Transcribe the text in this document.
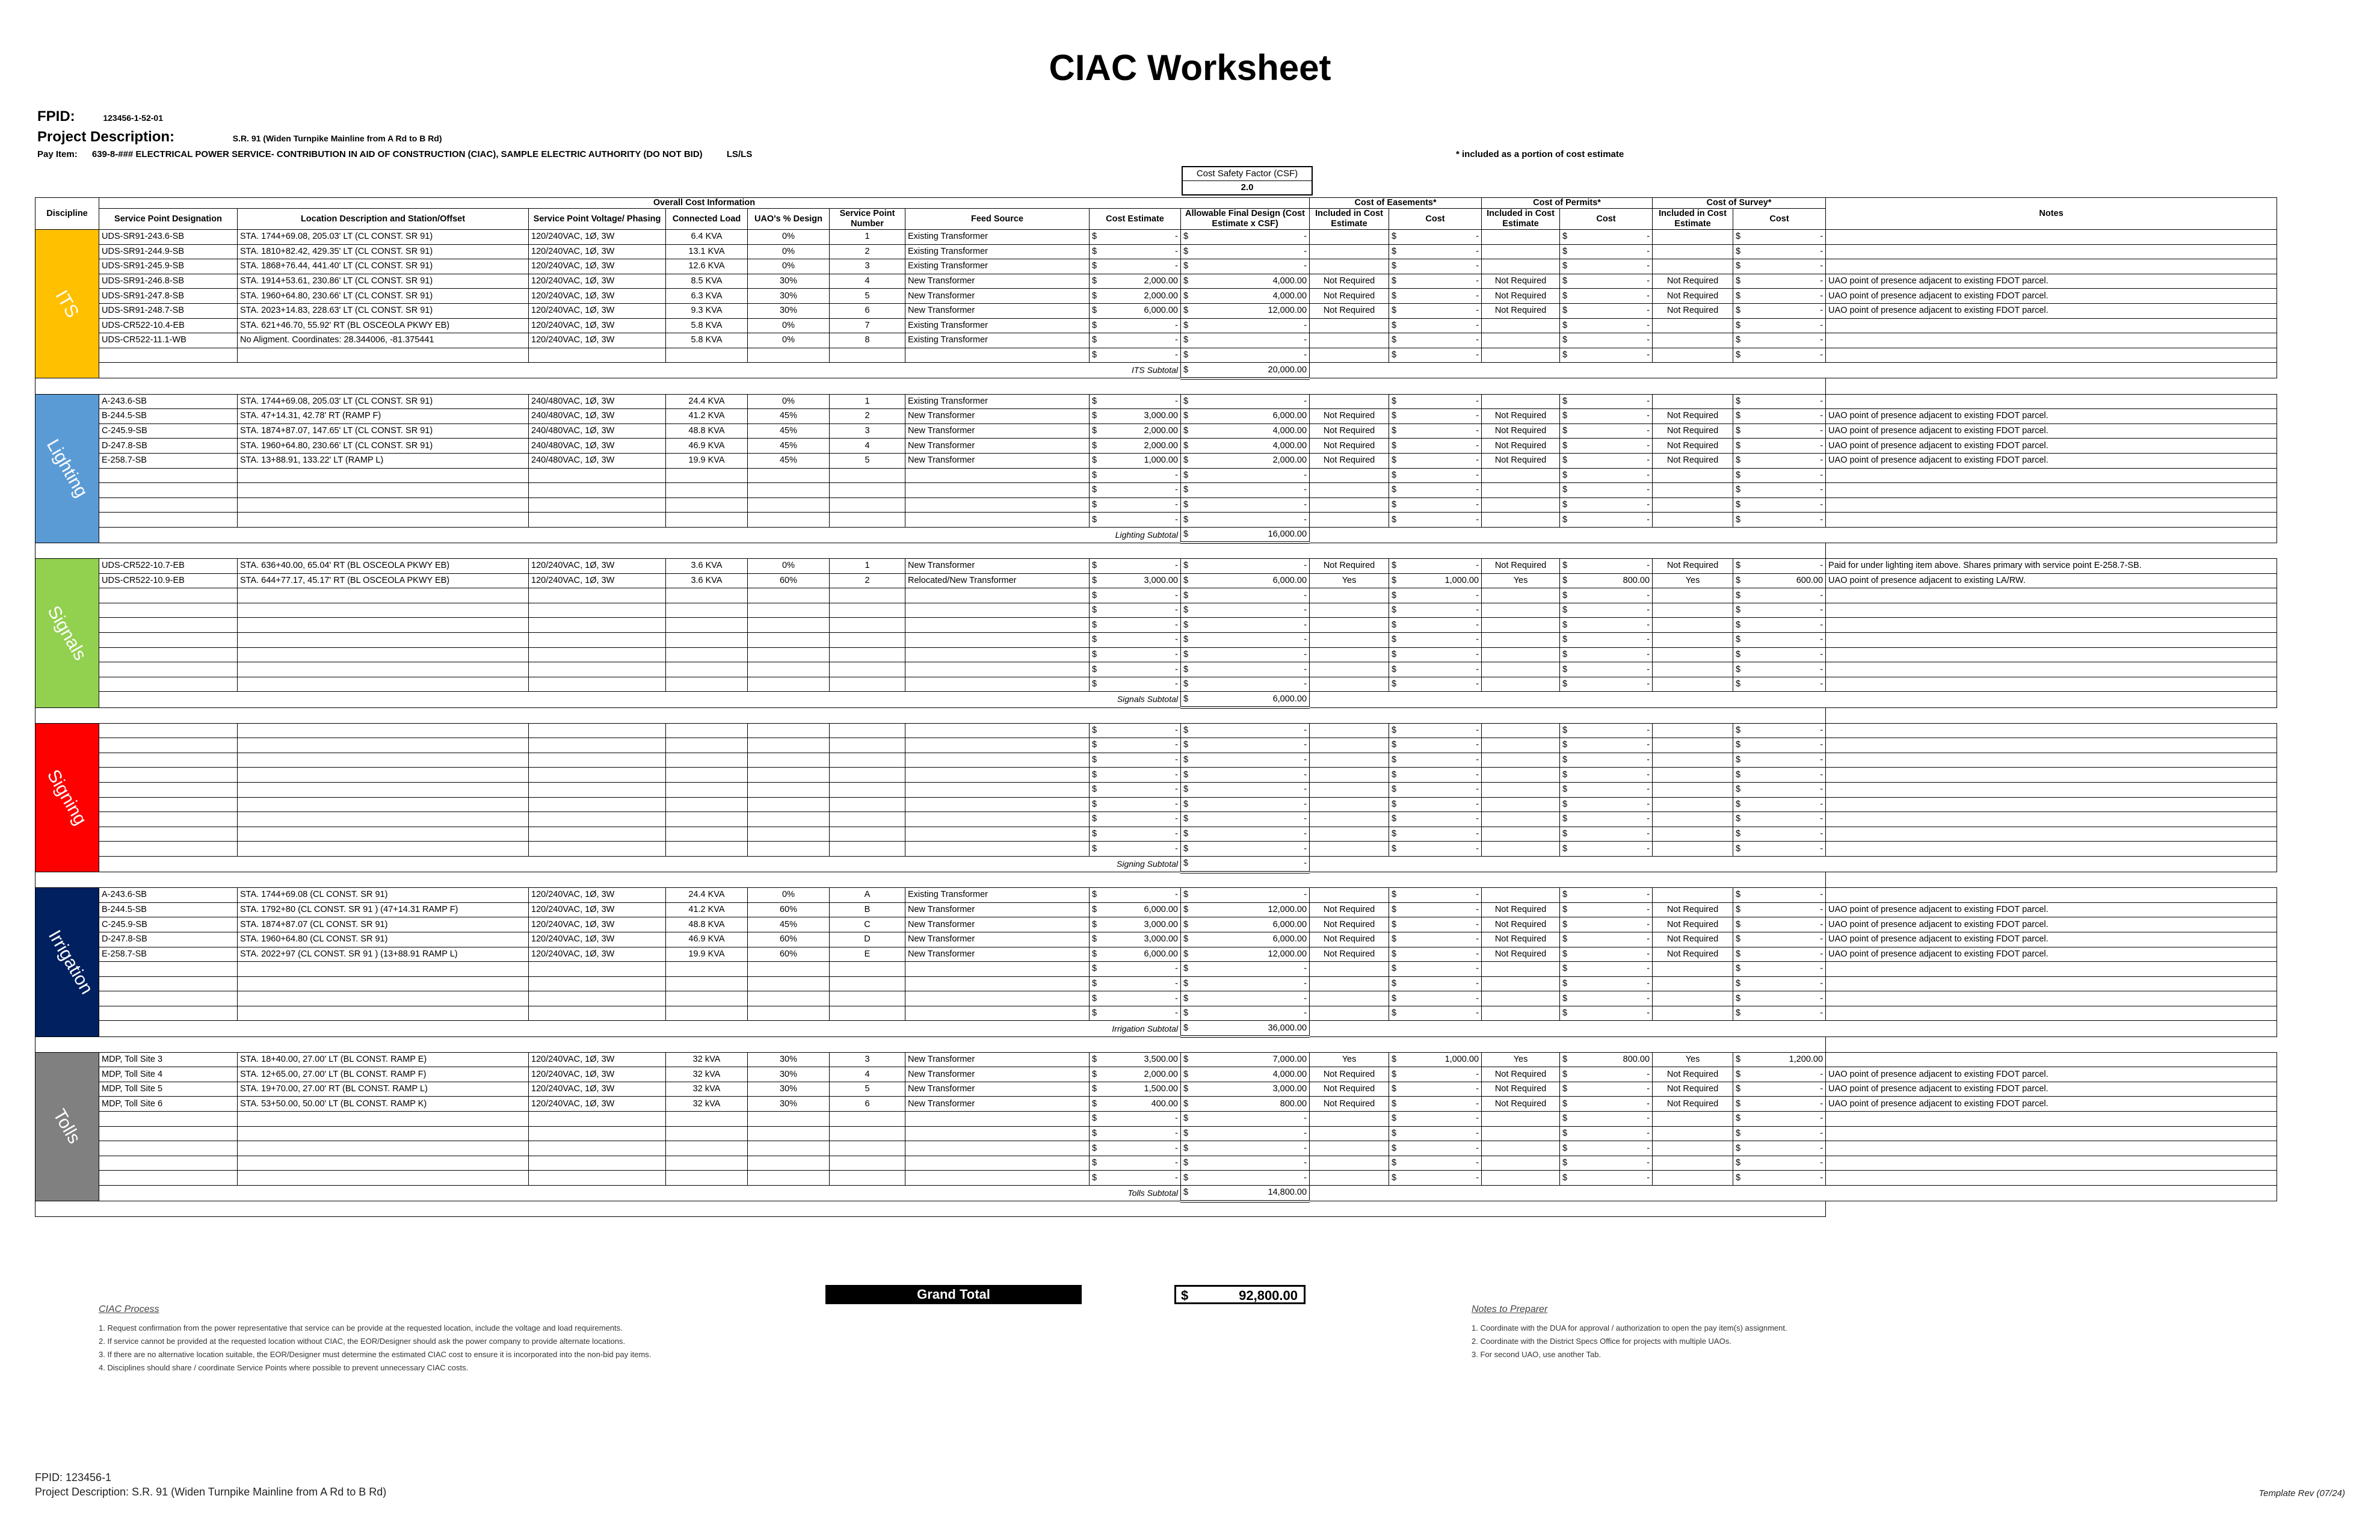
CIAC Worksheet
FPID:	123456-1-52-01
Project Description:	S.R. 91 (Widen Turnpike Mainline from A Rd to B Rd)
Pay Item: 639-8-### ELECTRICAL POWER SERVICE- CONTRIBUTION IN AID OF CONSTRUCTION (CIAC), SAMPLE ELECTRIC AUTHORITY (DO NOT BID)	LS/LS	* included as a portion of cost estimate
Cost Safety Factor (CSF)
2.0
Discipline	Overall Cost Information									Cost of Easements*		Cost of Permits*		Cost of Survey*		Notes
	Service Point Designation	Location Description and Station/Offset	Service Point Voltage/ Phasing	Connected Load	UAO's % Design	Service Point Number	Feed Source	Cost Estimate	Allowable Final Design (Cost Estimate x CSF)	Included in Cost Estimate	Cost	Included in Cost Estimate	Cost	Included in Cost Estimate	Cost	
ITS	UDS-SR91-243.6-SB	STA. 1744+69.08, 205.03' LT (CL CONST. SR 91)	120/240VAC, 1Ø, 3W	6.4 KVA	0%	1	Existing Transformer	$ -	$ -		$ -		$ -		$ -	
	UDS-SR91-244.9-SB	STA. 1810+82.42, 429.35' LT (CL CONST. SR 91)	120/240VAC, 1Ø, 3W	13.1 KVA	0%	2	Existing Transformer	$ -	$ -		$ -		$ -		$ -	
	UDS-SR91-245.9-SB	STA. 1868+76.44, 441.40' LT (CL CONST. SR 91)	120/240VAC, 1Ø, 3W	12.6 KVA	0%	3	Existing Transformer	$ -	$ -		$ -		$ -		$ -	
	UDS-SR91-246.8-SB	STA. 1914+53.61, 230.86' LT (CL CONST. SR 91)	120/240VAC, 1Ø, 3W	8.5 KVA	30%	4	New Transformer	$ 2,000.00	$ 4,000.00	Not Required	$ -	Not Required	$ -	Not Required	$ -	UAO point of presence adjacent to existing FDOT parcel.
	UDS-SR91-247.8-SB	STA. 1960+64.80, 230.66' LT (CL CONST. SR 91)	120/240VAC, 1Ø, 3W	6.3 KVA	30%	5	New Transformer	$ 2,000.00	$ 4,000.00	Not Required	$ -	Not Required	$ -	Not Required	$ -	UAO point of presence adjacent to existing FDOT parcel.
	UDS-SR91-248.7-SB	STA. 2023+14.83, 228.63' LT (CL CONST. SR 91)	120/240VAC, 1Ø, 3W	9.3 KVA	30%	6	New Transformer	$ 6,000.00	$ 12,000.00	Not Required	$ -	Not Required	$ -	Not Required	$ -	UAO point of presence adjacent to existing FDOT parcel.
	UDS-CR522-10.4-EB	STA. 621+46.70, 55.92' RT (BL OSCEOLA PKWY EB)	120/240VAC, 1Ø, 3W	5.8 KVA	0%	7	Existing Transformer	$ -	$ -		$ -		$ -		$ -	
	UDS-CR522-11.1-WB	No Aligment. Coordinates: 28.344006, -81.375441	120/240VAC, 1Ø, 3W	5.8 KVA	0%	8	Existing Transformer	$ -	$ -		$ -		$ -		$ -	

								$ -	$ -		$ -		$ -		$ -	
	ITS Subtotal								$ 20,000.00							

Lighting	A-243.6-SB	STA. 1744+69.08, 205.03' LT (CL CONST. SR 91)	240/480VAC, 1Ø, 3W	24.4 KVA	0%	1	Existing Transformer	$ -	$ -		$ -		$ -		$ -	
	B-244.5-SB	STA. 47+14.31, 42.78' RT (RAMP F)	240/480VAC, 1Ø, 3W	41.2 KVA	45%	2	New Transformer	$ 3,000.00	$ 6,000.00	Not Required	$ -	Not Required	$ -	Not Required	$ -	UAO point of presence adjacent to existing FDOT parcel.
	C-245.9-SB	STA. 1874+87.07, 147.65' LT (CL CONST. SR 91)	240/480VAC, 1Ø, 3W	48.8 KVA	45%	3	New Transformer	$ 2,000.00	$ 4,000.00	Not Required	$ -	Not Required	$ -	Not Required	$ -	UAO point of presence adjacent to existing FDOT parcel.
	D-247.8-SB	STA. 1960+64.80, 230.66' LT (CL CONST. SR 91)	240/480VAC, 1Ø, 3W	46.9 KVA	45%	4	New Transformer	$ 2,000.00	$ 4,000.00	Not Required	$ -	Not Required	$ -	Not Required	$ -	UAO point of presence adjacent to existing FDOT parcel.
	E-258.7-SB	STA. 13+88.91, 133.22' LT (RAMP L)	240/480VAC, 1Ø, 3W	19.9 KVA	45%	5	New Transformer	$ 1,000.00	$ 2,000.00	Not Required	$ -	Not Required	$ -	Not Required	$ -	UAO point of presence adjacent to existing FDOT parcel.

								$ -	$ -		$ -		$ -		$ -	

								$ -	$ -		$ -		$ -		$ -	

								$ -	$ -		$ -		$ -		$ -	

								$ -	$ -		$ -		$ -		$ -	
	Lighting Subtotal								$ 16,000.00							

Signals	UDS-CR522-10.7-EB	STA. 636+40.00, 65.04' RT (BL OSCEOLA PKWY EB)	120/240VAC, 1Ø, 3W	3.6 KVA	0%	1	New Transformer	$ -	$ -	Not Required	$ -	Not Required	$ -	Not Required	$ -	Paid for under lighting item above. Shares primary with service point E-258.7-SB.
	UDS-CR522-10.9-EB	STA. 644+77.17, 45.17' RT (BL OSCEOLA PKWY EB)	120/240VAC, 1Ø, 3W	3.6 KVA	60%	2	Relocated/New Transformer	$ 3,000.00	$ 6,000.00	Yes	$ 1,000.00	Yes	$ 800.00	Yes	$ 600.00	UAO point of presence adjacent to existing LA/RW.

								$ -	$ -		$ -		$ -		$ -	

								$ -	$ -		$ -		$ -		$ -	

								$ -	$ -		$ -		$ -		$ -	

								$ -	$ -		$ -		$ -		$ -	

								$ -	$ -		$ -		$ -		$ -	

								$ -	$ -		$ -		$ -		$ -	

								$ -	$ -		$ -		$ -		$ -	
	Signals Subtotal								$ 6,000.00							

Signing								$ -	$ -		$ -		$ -		$ -	

								$ -	$ -		$ -		$ -		$ -	

								$ -	$ -		$ -		$ -		$ -	

								$ -	$ -		$ -		$ -		$ -	

								$ -	$ -		$ -		$ -		$ -	

								$ -	$ -		$ -		$ -		$ -	

								$ -	$ -		$ -		$ -		$ -	

								$ -	$ -		$ -		$ -		$ -	

								$ -	$ -		$ -		$ -		$ -	
	Signing Subtotal								$ -							

Irrigation	A-243.6-SB	STA. 1744+69.08 (CL CONST. SR 91)	120/240VAC, 1Ø, 3W	24.4 KVA	0%	A	Existing Transformer	$ -	$ -		$ -		$ -		$ -	
	B-244.5-SB	STA. 1792+80 (CL CONST. SR 91 ) (47+14.31 RAMP F)	120/240VAC, 1Ø, 3W	41.2 KVA	60%	B	New Transformer	$ 6,000.00	$ 12,000.00	Not Required	$ -	Not Required	$ -	Not Required	$ -	UAO point of presence adjacent to existing FDOT parcel.
	C-245.9-SB	STA. 1874+87.07 (CL CONST. SR 91)	120/240VAC, 1Ø, 3W	48.8 KVA	45%	C	New Transformer	$ 3,000.00	$ 6,000.00	Not Required	$ -	Not Required	$ -	Not Required	$ -	UAO point of presence adjacent to existing FDOT parcel.
	D-247.8-SB	STA. 1960+64.80 (CL CONST. SR 91)	120/240VAC, 1Ø, 3W	46.9 KVA	60%	D	New Transformer	$ 3,000.00	$ 6,000.00	Not Required	$ -	Not Required	$ -	Not Required	$ -	UAO point of presence adjacent to existing FDOT parcel.
	E-258.7-SB	STA. 2022+97 (CL CONST. SR 91 ) (13+88.91 RAMP L)	120/240VAC, 1Ø, 3W	19.9 KVA	60%	E	New Transformer	$ 6,000.00	$ 12,000.00	Not Required	$ -	Not Required	$ -	Not Required	$ -	UAO point of presence adjacent to existing FDOT parcel.

								$ -	$ -		$ -		$ -		$ -	

								$ -	$ -		$ -		$ -		$ -	

								$ -	$ -		$ -		$ -		$ -	

								$ -	$ -		$ -		$ -		$ -	
	Irrigation Subtotal								$ 36,000.00							

Tolls	MDP, Toll Site 3	STA. 18+40.00, 27.00' LT (BL CONST. RAMP E)	120/240VAC, 1Ø, 3W	32 kVA	30%	3	New Transformer	$ 3,500.00	$ 7,000.00	Yes	$ 1,000.00	Yes	$ 800.00	Yes	$ 1,200.00	
	MDP, Toll Site 4	STA. 12+65.00, 27.00' LT (BL CONST. RAMP F)	120/240VAC, 1Ø, 3W	32 kVA	30%	4	New Transformer	$ 2,000.00	$ 4,000.00	Not Required	$ -	Not Required	$ -	Not Required	$ -	UAO point of presence adjacent to existing FDOT parcel.
	MDP, Toll Site 5	STA. 19+70.00, 27.00' RT (BL CONST. RAMP L)	120/240VAC, 1Ø, 3W	32 kVA	30%	5	New Transformer	$ 1,500.00	$ 3,000.00	Not Required	$ -	Not Required	$ -	Not Required	$ -	UAO point of presence adjacent to existing FDOT parcel.
	MDP, Toll Site 6	STA. 53+50.00, 50.00' LT (BL CONST. RAMP K)	120/240VAC, 1Ø, 3W	32 kVA	30%	6	New Transformer	$ 400.00	$ 800.00	Not Required	$ -	Not Required	$ -	Not Required	$ -	UAO point of presence adjacent to existing FDOT parcel.

								$ -	$ -		$ -		$ -		$ -	

								$ -	$ -		$ -		$ -		$ -	

								$ -	$ -		$ -		$ -		$ -	

								$ -	$ -		$ -		$ -		$ -	

								$ -	$ -		$ -		$ -		$ -	
	Tolls Subtotal								$ 14,800.00							

Grand Total	$	92,800.00
CIAC Process
1. Request confirmation from the power representative that service can be provide at the requested location, include the voltage and load requirements.
2. If service cannot be provided at the requested location without CIAC, the EOR/Designer should ask the power company to provide alternate locations.
3. If there are no alternative location suitable, the EOR/Designer must determine the estimated CIAC cost to ensure it is incorporated into the non-bid pay items.
4. Disciplines should share / coordinate Service Points where possible to prevent unnecessary CIAC costs.
Notes to Preparer
1. Coordinate with the DUA for approval / authorization to open the pay item(s) assignment.
2. Coordinate with the District Specs Office for projects with multiple UAOs.
3. For second UAO, use another Tab.
FPID: 123456-1
Project Description: S.R. 91 (Widen Turnpike Mainline from A Rd to B Rd)	Template Rev (07/24)
